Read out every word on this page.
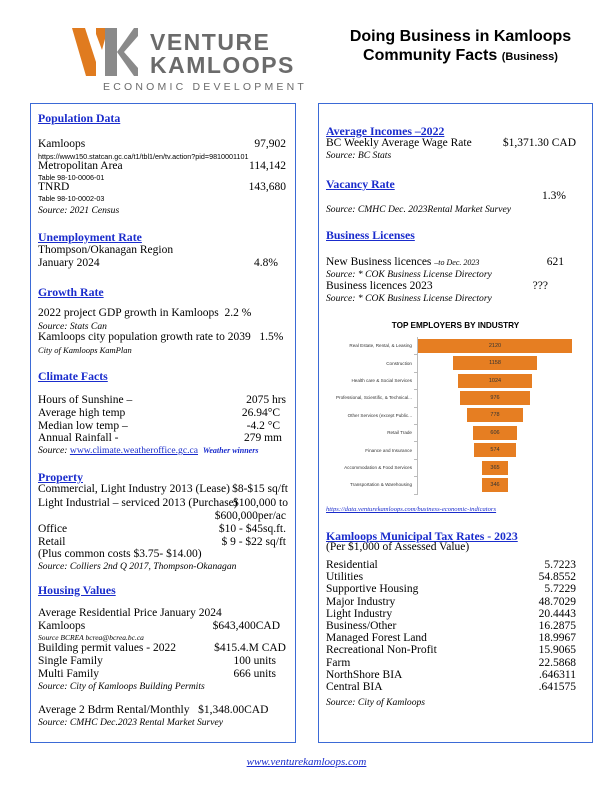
VENTURE
KAMLOOPS
ECONOMIC DEVELOPMENT
Doing Business in Kamloops
Community Facts (Business)
Population Data
Kamloops	97,902
https://www150.statcan.gc.ca/t1/tbl1/en/tv.action?pid=9810001101
Metropolitan Area	114,142
Table 98-10-0006-01
TNRD	143,680
Table 98-10-0002-03
Source: 2021 Census
Unemployment Rate
Thompson/Okanagan Region
January 2024	4.8%
Growth Rate
2022 project GDP growth in Kamloops 2.2 %
Source: Stats Can
Kamloops city population growth rate to 2039 1.5%
City of Kamloops KamPlan
Climate Facts
Hours of Sunshine –	2075 hrs
Average high temp	26.94°C
Median low temp –	-4.2 °C
Annual Rainfall -	279 mm
Source: www.climate.weatheroffice.gc.ca Weather winners
Property
Commercial, Light Industry 2013 (Lease) $8-$15 sq/ft
Light Industrial – serviced 2013 (Purchase)
$100,000 to
$600,000per/ac
Office	$10 - $45sq.ft.
Retail	$ 9 - $22 sq/ft
(Plus common costs $3.75- $14.00)
Source: Colliers 2nd Q 2017, Thompson-Okanagan
Housing Values
Average Residential Price January 2024
Kamloops	$643,400CAD
Source BCREA bcrea@bcrea.bc.ca
Building permit values - 2022	$415.4.M CAD
Single Family	100 units
Multi Family	666 units
Source: City of Kamloops Building Permits
Average 2 Bdrm Rental/Monthly $1,348.00CAD
Source: CMHC Dec.2023 Rental Market Survey
Average Incomes –2022
BC Weekly Average Wage Rate	$1,371.30 CAD
Source: BC Stats
Vacancy Rate
1.3%
Source: CMHC Dec. 2023Rental Market Survey
Business Licenses
New Business licences –to Dec. 2023	621
Source: * COK Business License Directory
Business licences 2023	???
Source: * COK Business License Directory
TOP EMPLOYERS BY INDUSTRY
2120
Real Estate, Rental, & Leasing
1158
Construction
1024
Health care & Social Services
976
Professional, Scientific, & Technical...
778
Other Services (except Public...
606
Retail Trade
574
Finance and Insurance
365
Accommodation & Food Services
346
Transportation & Warehousing
https://data.venturekamloops.com/business-economic-indicators
Kamloops Municipal Tax Rates - 2023
(Per $1,000 of Assessed Value)
Residential	5.7223
Utilities	54.8552
Supportive Housing	5.7229
Major Industry	48.7029
Light Industry	20.4443
Business/Other	16.2875
Managed Forest Land	18.9967
Recreational Non-Profit	15.9065
Farm	22.5868
NorthShore BIA	.646311
Central BIA	.641575
Source: City of Kamloops
www.venturekamloops.com
